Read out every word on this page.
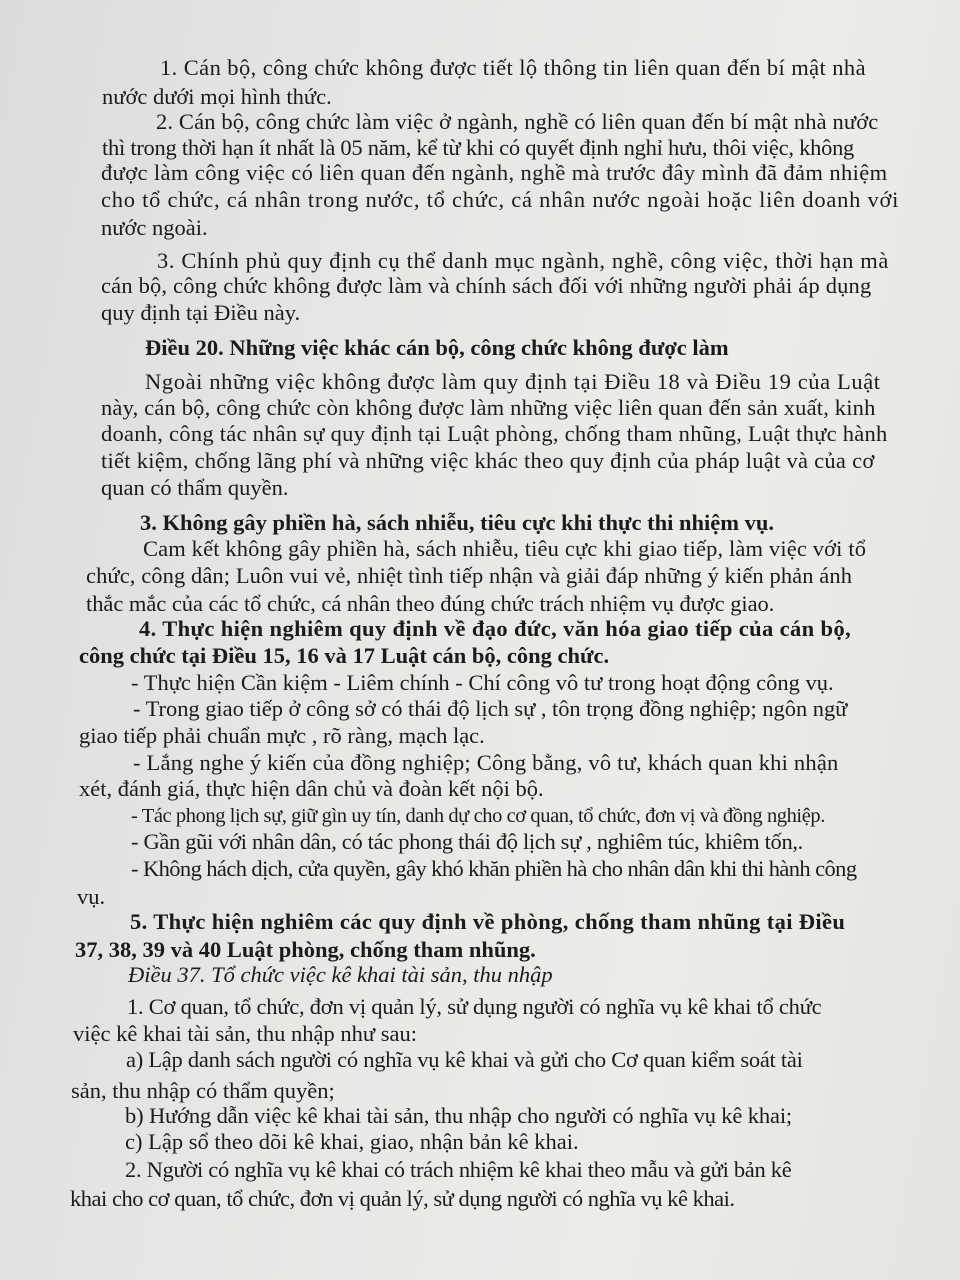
1. Cán bộ, công chức không được tiết lộ thông tin liên quan đến bí mật nhà
nước dưới mọi hình thức.
2. Cán bộ, công chức làm việc ở ngành, nghề có liên quan đến bí mật nhà nước
thì trong thời hạn ít nhất là 05 năm, kể từ khi có quyết định nghỉ hưu, thôi việc, không
được làm công việc có liên quan đến ngành, nghề mà trước đây mình đã đảm nhiệm
cho tổ chức, cá nhân trong nước, tổ chức, cá nhân nước ngoài hoặc liên doanh với
nước ngoài.
3. Chính phủ quy định cụ thể danh mục ngành, nghề, công việc, thời hạn mà
cán bộ, công chức không được làm và chính sách đối với những người phải áp dụng
quy định tại Điều này.
Điều 20. Những việc khác cán bộ, công chức không được làm
Ngoài những việc không được làm quy định tại Điều 18 và Điều 19 của Luật
này, cán bộ, công chức còn không được làm những việc liên quan đến sản xuất, kinh
doanh, công tác nhân sự quy định tại Luật phòng, chống tham nhũng, Luật thực hành
tiết kiệm, chống lãng phí và những việc khác theo quy định của pháp luật và của cơ
quan có thẩm quyền.
3. Không gây phiền hà, sách nhiễu, tiêu cực khi thực thi nhiệm vụ.
Cam kết không gây phiền hà, sách nhiễu, tiêu cực khi giao tiếp, làm việc với tổ
chức, công dân; Luôn vui vẻ, nhiệt tình tiếp nhận và giải đáp những ý kiến phản ánh
thắc mắc của các tổ chức, cá nhân theo đúng chức trách nhiệm vụ được giao.
4. Thực hiện nghiêm quy định về đạo đức, văn hóa giao tiếp của cán bộ,
công chức tại Điều 15, 16 và 17 Luật cán bộ, công chức.
- Thực hiện Cần kiệm - Liêm chính - Chí công vô tư trong hoạt động công vụ.
- Trong giao tiếp ở công sở có thái độ lịch sự , tôn trọng đồng nghiệp; ngôn ngữ
giao tiếp phải chuẩn mực , rõ ràng, mạch lạc.
- Lắng nghe ý kiến của đồng nghiệp; Công bằng, vô tư, khách quan khi nhận
xét, đánh giá, thực hiện dân chủ và đoàn kết nội bộ.
- Tác phong lịch sự, giữ gìn uy tín, danh dự cho cơ quan, tổ chức, đơn vị và đồng nghiệp.
- Gần gũi với nhân dân, có tác phong thái độ lịch sự , nghiêm túc, khiêm tốn,.
- Không hách dịch, cửa quyền, gây khó khăn phiền hà cho nhân dân khi thi hành công
vụ.
5. Thực hiện nghiêm các quy định về phòng, chống tham nhũng tại Điều
37, 38, 39 và 40 Luật phòng, chống tham nhũng.
Điều 37. Tổ chức việc kê khai tài sản, thu nhập
1. Cơ quan, tổ chức, đơn vị quản lý, sử dụng người có nghĩa vụ kê khai tổ chức
việc kê khai tài sản, thu nhập như sau:
a) Lập danh sách người có nghĩa vụ kê khai và gửi cho Cơ quan kiểm soát tài
sản, thu nhập có thẩm quyền;
b) Hướng dẫn việc kê khai tài sản, thu nhập cho người có nghĩa vụ kê khai;
c) Lập sổ theo dõi kê khai, giao, nhận bản kê khai.
2. Người có nghĩa vụ kê khai có trách nhiệm kê khai theo mẫu và gửi bản kê
khai cho cơ quan, tổ chức, đơn vị quản lý, sử dụng người có nghĩa vụ kê khai.
